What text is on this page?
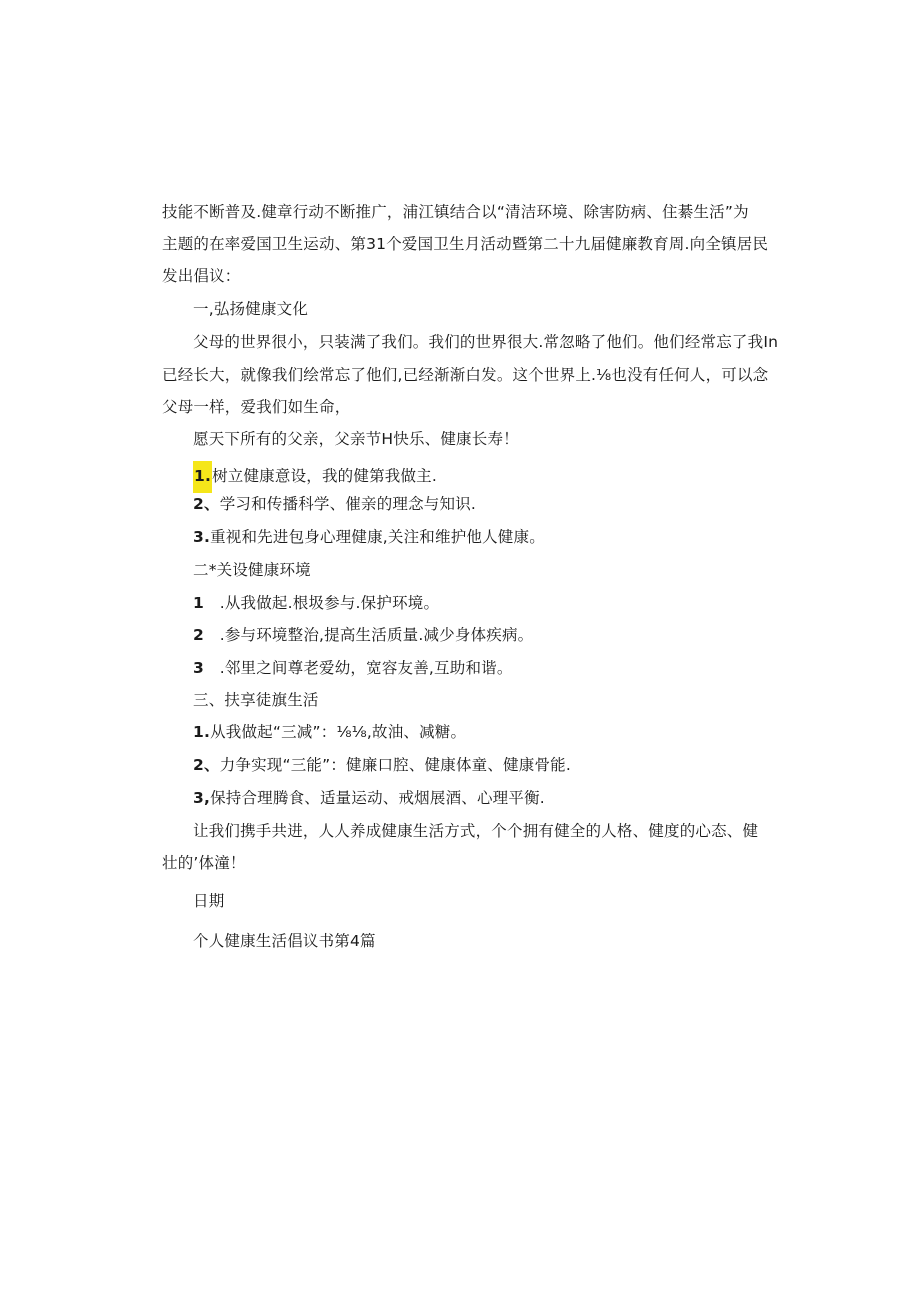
技能不断普及.健章行动不断推广，浦江镇结合以“清洁环境、除害防病、住綦生活”为
主题的在率爱国卫生运动、第31个爱国卫生月活动暨第二十九届健廉教育周.向全镇居民
发出倡议：
一,弘扬健康文化
父母的世界很小，只装满了我们。我们的世界很大.常忽略了他们。他们经常忘了我In
已经长大，就像我们绘常忘了他们,已经渐渐白发。这个世界上.⅛也没有任何人，可以念
父母一样，爱我们如生命，
愿天下所有的父亲，父亲节H快乐、健康长寿！
1.树立健康意设，我的健第我做主.
2、学习和传播科学、催亲的理念与知识.
3.重视和先进包身心理健康,关注和维护他人健康。
二*关设健康环境
1　.从我做起.根圾参与.保护环境。
2　.参与环境整治,提高生活质量.减少身体疾病。
3　.邻里之间尊老爱幼，宽容友善,互助和谐。
三、扶享徒旗生活
1.从我做起“三减”：⅛⅛,故油、减糖。
2、力争实现“三能”：健廉口腔、健康体童、健康骨能.
3,保持合理腾食、适量运动、戒烟展酒、心理平衡.
让我们携手共进，人人养成健康生活方式，个个拥有健全的人格、健度的心态、健
壮的’体潼！
日期
个人健康生活倡议书第4篇
